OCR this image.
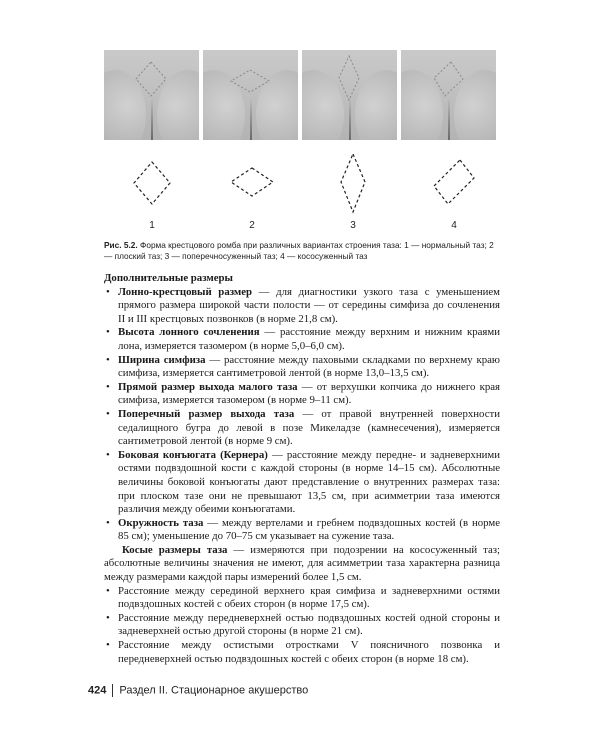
1	2	3	4
Рис. 5.2. Форма крестцового ромба при различных вариантах строения таза: 1 — нормальный таз; 2 — плоский таз; 3 — поперечносуженный таз; 4 — кососуженный таз

Дополнительные размеры

• Лонно-крестцовый размер — для диагностики узкого таза с уменьшением прямого размера широкой части полости — от середины симфиза до сочленения II и III крестцовых позвонков (в норме 21,8 см).
• Высота лонного сочленения — расстояние между верхним и нижним краями лона, измеряется тазомером (в норме 5,0–6,0 см).
• Ширина симфиза — расстояние между паховыми складками по верхнему краю симфиза, измеряется сантиметровой лентой (в норме 13,0–13,5 см).
• Прямой размер выхода малого таза — от верхушки копчика до нижнего края симфиза, измеряется тазомером (в норме 9–11 см).
• Поперечный размер выхода таза — от правой внутренней поверхности седалищного бугра до левой в позе Микеладзе (камнесечения), измеряется сантиметровой лентой (в норме 9 см).
• Боковая конъюгата (Кернера) — расстояние между передне- и задневерхними остями подвздошной кости с каждой стороны (в норме 14–15 см). Абсолютные величины боковой конъюгаты дают представление о внутренних размерах таза: при плоском тазе они не превышают 13,5 см, при асимметрии таза имеются различия между обеими конъюгатами.
• Окружность таза — между вертелами и гребнем подвздошных костей (в норме 85 см); уменьшение до 70–75 см указывает на сужение таза.

Косые размеры таза — измеряются при подозрении на кососуженный таз; абсолютные величины значения не имеют, для асимметрии таза характерна разница между размерами каждой пары измерений более 1,5 см.

• Расстояние между серединой верхнего края симфиза и задневерхними остями подвздошных костей с обеих сторон (в норме 17,5 см).
• Расстояние между передневерхней остью подвздошных костей одной стороны и задневерхней остью другой стороны (в норме 21 см).
• Расстояние между остистыми отростками V поясничного позвонка и передневерхней остью подвздошных костей с обеих сторон (в норме 18 см).
424 Раздел II. Стационарное акушерство
